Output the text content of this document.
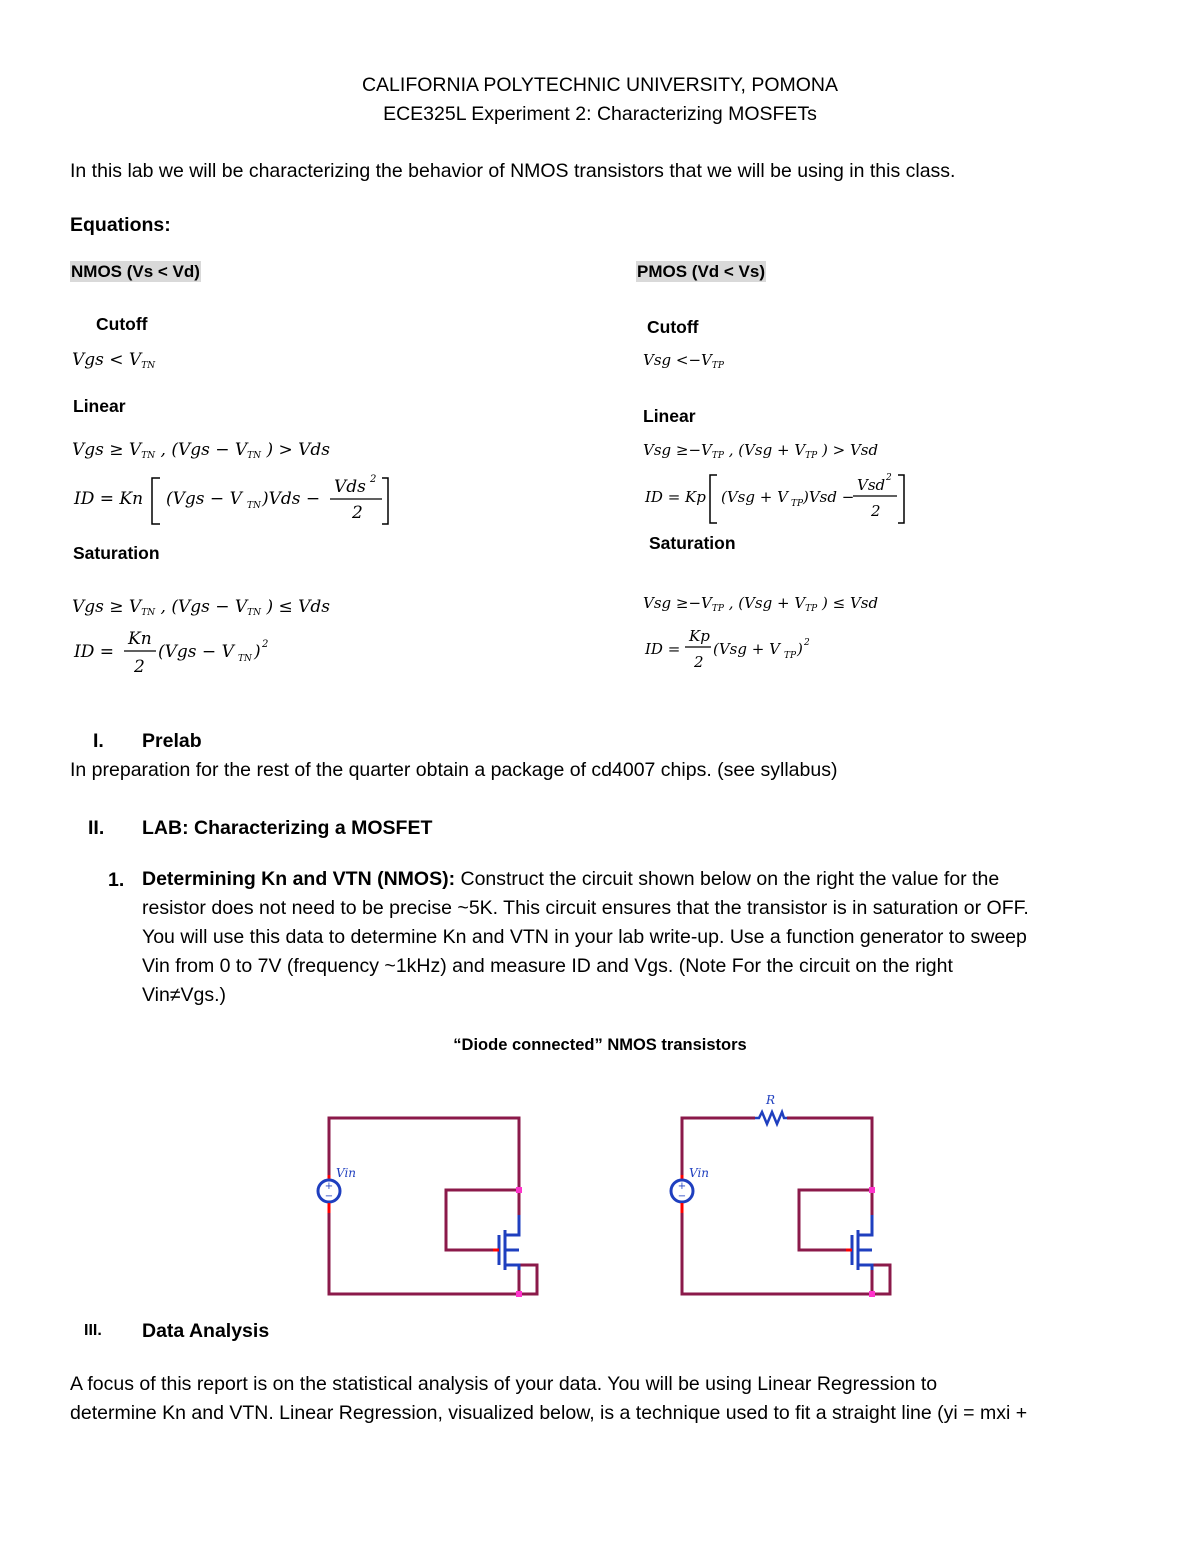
CALIFORNIA POLYTECHNIC UNIVERSITY, POMONA
ECE325L Experiment 2: Characterizing MOSFETs
In this lab we will be characterizing the behavior of NMOS transistors that we will be using in this class.
Equations:
NMOS (Vs < Vd)
Cutoff
Vgs < VTN
Linear
Vgs ≥ VTN , (Vgs − VTN ) > Vds
ID = Kn (Vgs − V TN )Vds −
Vds 2
2
Saturation
Vgs ≥ VTN , (Vgs − VTN ) ≤ Vds
ID =
Kn
2
(Vgs − V TN ) 2
PMOS (Vd < Vs)
Cutoff
Vsg $<-V_{TP}$
Linear
Vsg $\ge-V_{TP}$ , ($Vsg + V_{TP}$ ) > Vsd
ID = Kp (Vsg + V TP )Vsd −
Vsd 2
2
Saturation
Vsg $\ge-V_{TP}$ , ($Vsg + V_{TP}$ ) ≤ Vsd
ID =
Kp
2
(Vsg + V TP ) 2
I. Prelab
In preparation for the rest of the quarter obtain a package of cd4007 chips. (see syllabus)
II. LAB: Characterizing a MOSFET
1. Determining Kn and VTN (NMOS): Construct the circuit shown below on the right the value for the
resistor does not need to be precise ~5K. This circuit ensures that the transistor is in saturation or OFF.
You will use this data to determine Kn and VTN in your lab write-up. Use a function generator to sweep
Vin from 0 to 7V (frequency ~1kHz) and measure ID and Vgs. (Note For the circuit on the right
Vin≠Vgs.)
“Diode connected” NMOS transistors
+
−
Vin
R
+
−
Vin
III. Data Analysis
A focus of this report is on the statistical analysis of your data. You will be using Linear Regression to
determine Kn and VTN. Linear Regression, visualized below, is a technique used to fit a straight line (yi = mxi +
